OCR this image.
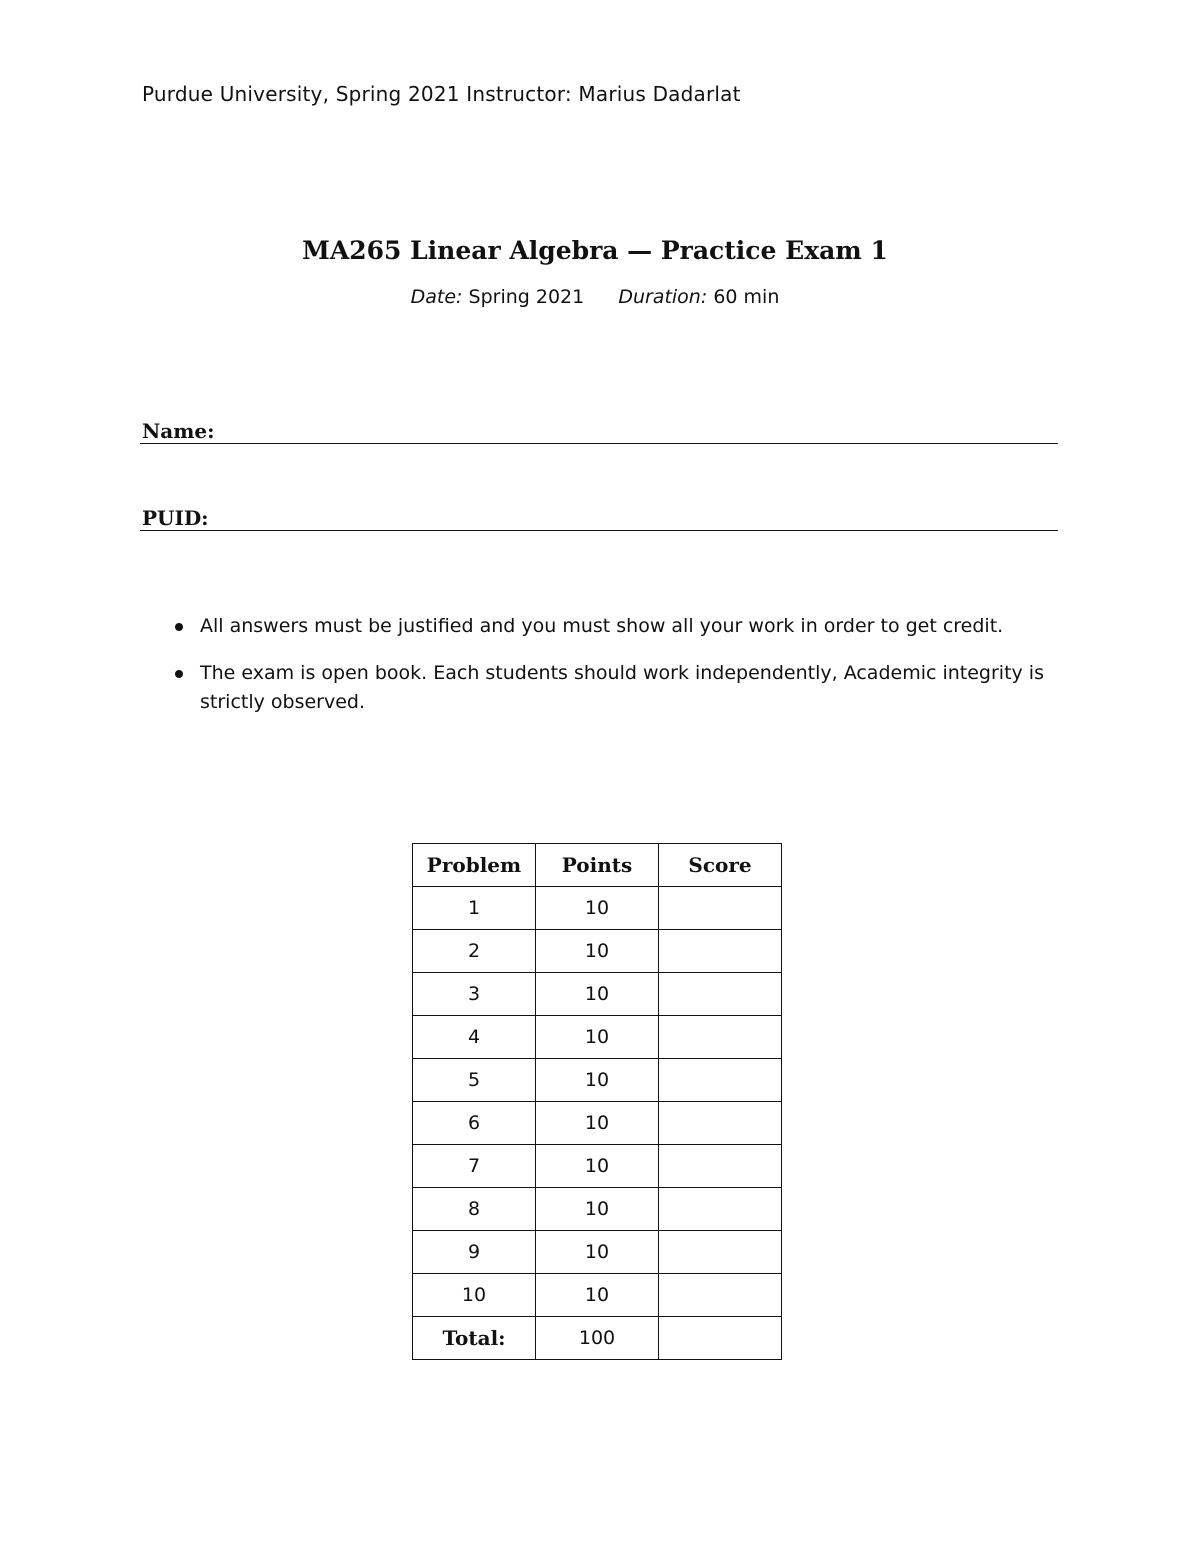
Purdue University, Spring 2021 Instructor: Marius Dadarlat
MA265 Linear Algebra — Practice Exam 1
Date: Spring 2021 Duration: 60 min
Name:
PUID:
All answers must be justified and you must show all your work in order to get credit.
The exam is open book. Each students should work independently, Academic integrity is strictly observed.
Problem	Points	Score
1	10	
2	10	
3	10	
4	10	
5	10	
6	10	
7	10	
8	10	
9	10	
10	10	
Total:	100	
